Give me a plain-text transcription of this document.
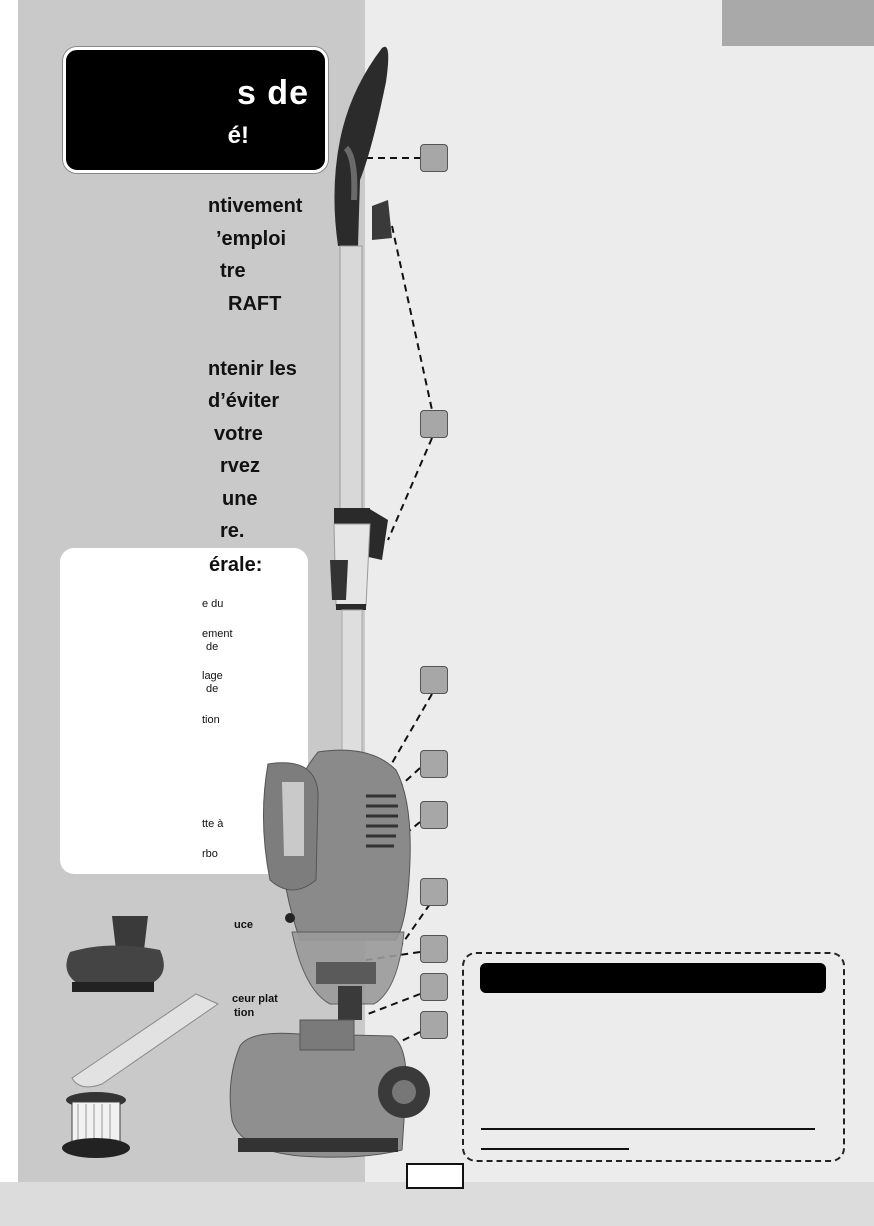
s de
é!
ntivement
’emploi
tre
RAFT
ntenir les
d’éviter
votre
rvez
une
re.
érale:
e du
ement
de
lage
de
tion
tte à
rbo
uce
ceur plat
tion
